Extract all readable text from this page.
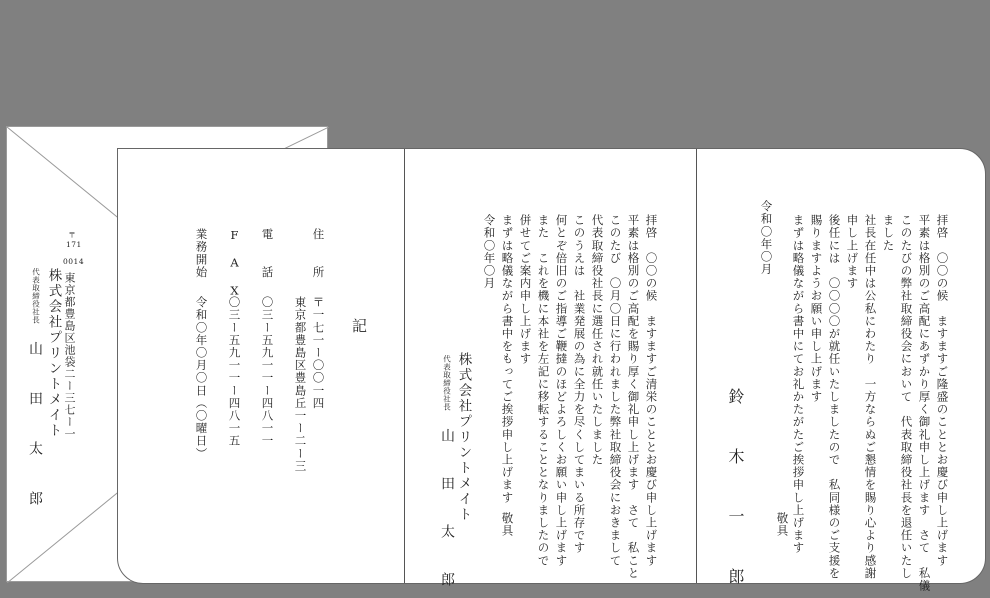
〒
171
0014
東京都豊島区池袋二ー三七ー一
株式会社プリントメイト
代表取締役社長
山　田　太　郎
記
住　　所
〒一七一ー〇〇一四
東京都豊島区豊島丘一ー二ー三
電　　話
〇三ー五九一一ー四八一一
F　A　X
〇三ー五九一一ー四八一五
業務開始
令和〇年〇月〇日（〇曜日）	拝啓　〇〇の候　ますますご清栄のこととお慶び申し上げます
平素は格別のご高配を賜り厚く御礼申し上げます　さて　私こと
このたび　〇月〇日に行われました弊社取締役会におきまして
代表取締役社長に選任され就任いたしました
このうえは　社業発展の為に全力を尽くしてまいる所存です
何とぞ倍旧のご指導ご鞭撻のほどよろしくお願い申し上げます
また　これを機に本社を左記に移転することとなりましたので
併せてご案内申し上げます
まずは略儀ながら書中をもってご挨拶申し上げます
敬具
令和〇年〇月
株式会社プリントメイト
代表取締役社長
山　田　太　郎	拝啓　〇〇の候　ますますご隆盛のこととお慶び申し上げます
平素は格別のご高配にあずかり厚く御礼申し上げます　さて　私儀
このたびの弊社取締役会において　代表取締役社長を退任いたし
ました
社長在任中は公私にわたり　一方ならぬご懇情を賜り心より感謝
申し上げます
後任には　〇〇〇〇が就任いたしましたので　私同様のご支援を
賜りますようお願い申し上げます
まずは略儀ながら書中にてお礼かたがたご挨拶申し上げます
敬具
令和〇年〇月
鈴　木　一　郎
